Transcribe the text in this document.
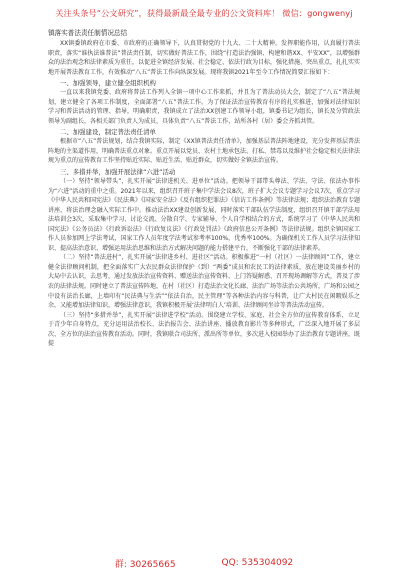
关注头条号“公文研究”，获得最新最全最专业的公文资料库！ 微信：gongwenyj
镇落实普法责任制情况总结

XX镇委镇政府在市委、市政府的正确领导下，认真贯彻党的十九大、二十大精神，发挥职能作用，认真履行普法职责，落实“谁执法谁普法”普法责任制，切实做好普法工作，围绕“打造法治强镇、构建和谐XX、平安XX”，以增强群众的法治观念和法律素质为重任，以促进全镇经济发展、社会稳定、依法行政为目标，强化措施、突出重点，扎扎实实地开展普法教育工作，有效推动“八五”普法工作向纵深发展。现将我镇2021年至今工作情况简要汇报如下：

一、加强领导，建立健全组织机构

一直以来我镇党委、政府将普法工作列入全镇一项中心工作来抓，并且为了普法动员大会，制定了“八五”普法规划，建立健全了各项工作制度，全面部署“八五”普法工作。为了保证法治宣传教育有序的扎实推进，加强对法律知识学习和普法活动的管理、指导，明确职责，我镇成立了法治XX创建工作领导小组，镇委书记为组长，镇长及分管政法领导为副组长，各相关部门负责人为成员，具体负责“八五”普法工作，站所各村（居）委会齐抓共管。

二、加强建设，制定普法责任清单

根据市“八五”普法规划，结合我镇实际，制定《XX镇普法责任清单》，加强基层普法阵地建设，充分发挥基层普法阵地的主渠道作用，明确普法重点对象。重点开展以党员、农村土地承包法、打私、禁毒以及维护社会稳定相关法律法规为重点的宣传教育工作坚持贴近实际、贴近生活、贴近群众，切实做好全镇法治宣传。

三、多措并举，加强开展法律“六进”活动

（一）坚持“领导带头”，扎实开展“法律进机关、进单位”活动。把领导干部带头尊法、学法、守法、依法办事作为“六进”活动的重中之重。2021年以来，组织召开班子集中学法会议8次，班子扩大会议专题学习会议7次，重点学习《中华人民共和国宪法》《民法典》《国家安全法》《反有组织犯罪法》《信访工作条例》等法律法规；组织法治教育专题讲座，将法治理念融入实际工作中。推动法治XX建设创新发展，同时落实干部队伍学法制度，组织召开镇干部学法用法培训会3次，采取集中学习、讨论交流、分散自学、专家辅导、个人自学相结合的方式，系统学习了《中华人民共和国宪法》《公务员法》《行政诉讼法》《行政复议法》《行政处罚法》《政府信息公开条例》等法律法规。组织全镇国家工作人员参加网上学法考试，国家工作人员年度学法考试参考率100%，优秀率100%。为确保机关工作人员学习法律知识、提高法治意识、增强运用法治思维和法治方式解决问题的能力搭建平台，不断强化干部的法律素养。

（二）坚持“普法进村”，扎实开展“法律进乡村、进社区”活动。积极推进“一村（社区）一法律顾问”工作，建立健全法律顾问机制，把全面落实广大农民群众法律保护（到）“两委”成员和农民工的法律素质，放在建设美丽乡村的大局中去认识，去思考，通过发放法治宣传资料、赠送法治宣传资料、上门答疑解惑、召开现场调解等方式，普及了涉农的法律法规。同时建立了普法宣传阵地，在村（社区）打造法治文化长廊、法治广场等法治公共场所，广场和公园之中设有法治长廊，上墙印有“民法典与生活”“依法自治，民主管理”等各种法治内容与科普，让广大村民在闲暇娱乐之余，又能增加法律知识，增强法律意识，我镇积极开展‘法律明白人’培训、法律顾问坐诊等普法活动宣传。

（三）坚持“多措并举”，扎实开展“法律进学校”活动。围绕建立学校、家庭、社会全方位的宣传教育体系，立足于青少年自身特点，充分运用法治校长、法治报告会、法治讲座、播放教育影片等多种形式，广泛深入地开展了多层次、全方位的法治宣传教育活动。同时，我镇联合司法所、派出所等单位，多次进入校园举办了法治教育专题讲座，既提

群: 30265665	QQ: 535304092
